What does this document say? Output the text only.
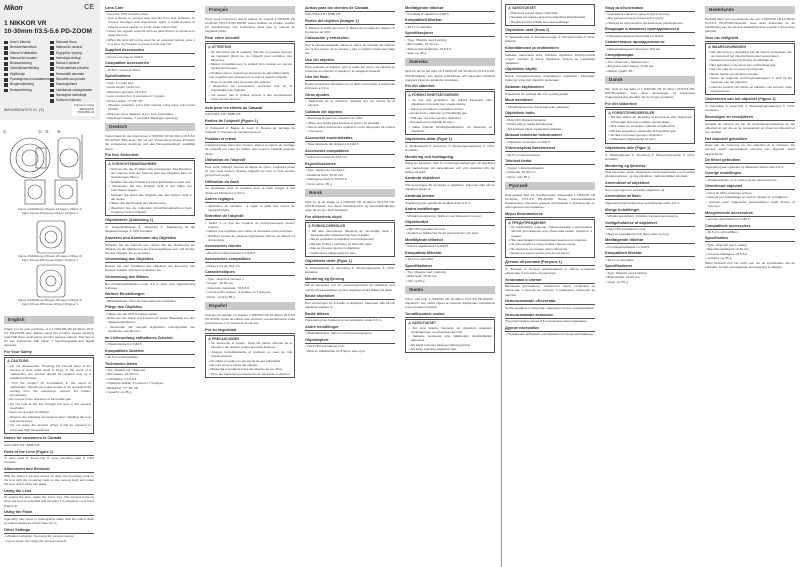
Nikon	CE
1 NIKKOR VR
10-30mm f/3.5-5.6 PD-ZOOM
User's Manual
Benutzerhandbuch
Manuel d'utilisation
Manual del usuario
Bruksanvisning
Gebruikshandleiding
Käyttöohje
Руководство пользователя
Brugervejledning
Bruksanvisning
Manuale d'uso
Manual do usuário
Εγχειρίδιο Χρήσης
Instrukcja obsługi
Návod k obsluze
Používateľská príručka
Használati útmutató
Navodila za uporabo
Kasutusjuhend
Lietošanas rokasgrāmata
Naudojimo instrukcija
Kullanım kılavuzu
6MVA38DWC00-01 (X)
Printed in China
SB4J01(12)
7MVA38D-01
①	② ③ ④
Figure 1/Abbildung 1/Figure 1/Imagen 1/Figur 1/
Figur 1/Kuva 1/Рисунок 1/Figur 1/Figuur 1
Figure 2/Abbildung 2/Figure 2/Imagen 2/Figur 2/
Figur 2/Kuva 2/Рисунок 2/Figur 2/Figuur 2
Figure 3/Abbildung 3/Figure 3/Imagen 3/Figur 3/
Figur 3/Kuva 3/Рисунок 3/Figur 3/Figuur 3
English
Thank you for your purchase of a 1 NIKKOR VR 10-30mm f/3.5-5.6 PD-ZOOM lens. Before using this product, please carefully read both these instructions and the camera manual. This lens is for use exclusively with Nikon 1 interchangeable-lens digital cameras.
For Your Safety
⚠ CAUTIONS
• Do not disassemble. Touching the internal parts of the camera or lens could result in injury. In the event of a malfunction, the product should be repaired only by a qualified technician.
• Turn the product off immediately in the event of malfunction. Should you notice smoke or an unusual smell coming from the equipment, remove the battery immediately.
• Do not use in the presence of flammable gas.
• Do not look at the sun through the lens or the camera viewfinder.
• Keep out of reach of children.
• Observe the following precautions when handling the lens and accessories.
• Do not leave the product where it will be exposed to extremely high temperatures.
Notice for customers in Canada
CAN ICES-3 B / NMB-3 B
Parts of the Lens (Figure 1)
① Lens hood ② Zoom ring ③ Lens mounting mark ④ CPU contacts
Attachment and Removal
With the Nikon 1 camera turned off, align the mounting mark on the lens with the mounting mark on the camera body and rotate the lens until it clicks into place.
Using the Lens
To extend the lens, rotate the zoom ring. The camera turns on when the lens is extended and off when it is retracted. Lens hood (Figure 2).
Using the Flash
Vignetting may occur in photographs taken with the built-in flash at subject distances of less than 0.6 m.
Other Settings
• Vibration reduction: Set using the camera menus.
• Focus mode: Set using the camera controls.
Lens Care
• Keep the CPU contacts clean.
• Use a blower to remove dust and lint from lens surfaces. To remove smudges and fingerprints, apply a small amount of ethanol or lens cleaner to a soft, clean cotton cloth.
• Never use organic solvents such as paint thinner or benzene to clean the lens.
• When the lens will not be used for an extended period, store it in a cool, dry location to prevent mold and rust.
Supplied Accessories
• Front Lens Cap LC-N40.5
Compatible Accessories
• 40.5mm screw-on filters
Specifications
• Type: 1 mount lens
• Focal length: 10-30 mm
• Maximum aperture: f/3.5-5.6
• Lens construction: 9 elements in 7 groups
• Picture angle: 77°-29° 40′
• Vibration reduction: Lens shift method using voice coil motors (VCMs)
• Minimum focus distance: 0.2 m from focal plane
• Diaphragm blades: 7 (rounded diaphragm opening)
Deutsch
Vielen Dank für den Kauf eines 1 NIKKOR VR 10-30mm f/3.5-5.6 PD-ZOOM. Bitte lesen Sie vor der Verwendung dieses Produkts die vorliegende Anleitung und das Kamerahandbuch sorgfältig durch.
Für Ihre Sicherheit
⚠ VORSICHTSMASSNAHMEN
• Nehmen Sie das Produkt nicht auseinander. Das Berühren der internen Teile der Kamera oder des Objektivs kann zu Verletzungen führen.
• Schalten Sie das Produkt bei einer Fehlfunktion sofort aus.
• Verwenden Sie das Produkt nicht in der Nähe von brennbaren Gasen.
• Schauen Sie durch das Objektiv oder den Sucher nicht in die Sonne.
• Halten Sie das Produkt von Kindern fern.
• Beachten Sie die folgenden Vorsichtsmaßnahmen beim Umgang mit dem Objektiv.
Objektivteile (Abbildung 1)
① Gegenlichtblende ② Zoomring ③ Markierung für die Objektivmontage ④ CPU-Kontakte
Ansetzen und Abnehmen des Objektivs
Schalten Sie die Kamera aus, richten Sie die Markierung am Objektiv an der Markierung am Kameragehäuse aus und drehen Sie das Objektiv, bis es einrastet.
Verwendung des Objektivs
Drehen Sie zum Ausfahren des Objektivs den Zoomring. Die Kamera schaltet sich beim Ausfahren ein.
Verwendung des Blitzes
Bei Aufnahmeabständen unter 0,6 m kann eine Vignettierung auftreten.
Weitere Einstellungen
• Bildstabilisator: Über die Kameramenüs einstellen.
Pflege des Objektivs
• Halten Sie die CPU-Kontakte sauber.
• Entfernen Sie Staub und Fusseln mit einem Blasebalg von den Objektivoberflächen.
• Verwenden Sie niemals organische Lösungsmittel wie Verdünner oder Benzol.
Im Lieferumfang enthaltenes Zubehör
• Objektivdeckel LC-N40.5
Kompatibles Zubehör
• 40,5-mm-Schraubfilter
Technische Daten
• Typ: Objektiv mit 1-Bajonett
• Brennweite: 10-30 mm
• Lichtstärke: 1:3,5-5,6
• Optischer Aufbau: 9 Linsen in 7 Gruppen
• Bildwinkel: 77°-29° 40′
• Gewicht: ca. 85 g
Français
Nous vous remercions d'avoir acheté un objectif 1 NIKKOR VR 10-30mm f/3.5-5.6 PD-ZOOM. Avant d'utiliser ce produit, veuillez lire attentivement ces instructions ainsi que le manuel de l'appareil photo.
Pour votre sécurité
⚠ ATTENTION
• Ne démontez pas le matériel. Toucher les parties internes de l'appareil photo ou de l'objectif peut entraîner des blessures.
• Mettez immédiatement le produit hors tension en cas de dysfonctionnement.
• N'utilisez pas le matériel en présence de gaz inflammable.
• Ne regardez pas directement le soleil à travers l'objectif.
• Tenez le produit hors de portée des enfants.
• Respectez les précautions suivantes lors de la manipulation de l'objectif.
• Ne laissez pas le produit exposé à des températures extrêmement élevées.
Avis pour les clients au Canada
CAN ICES-3 B / NMB-3 B
Parties de l'objectif (Figure 1)
① Parasoleil ② Bague de zoom ③ Repère de montage de l'objectif ④ Contacts du microprocesseur
Fixation et retrait
L'appareil photo étant hors tension, alignez le repère de montage de l'objectif sur celui du boîtier, puis tournez l'objectif jusqu'au déclic.
Utilisation de l'objectif
Pour sortir l'objectif, tournez la bague de zoom. L'appareil photo se met sous tension lorsque l'objectif est sorti et hors tension lorsqu'il est rentré.
Utilisation du flash
Un vignettage peut se produire avec le flash intégré à des distances inférieures à 0,6 m.
Autres réglages
• Réduction de vibration : à régler à l'aide des menus de l'appareil photo.
Entretien de l'objectif
• Veillez à ce que les contacts du microprocesseur restent propres.
• Utilisez une soufflette pour retirer la poussière et les peluches.
• N'utilisez jamais de solvants organiques comme du diluant ou du benzène.
Accessoires fournis
• Bouchon d'objectif avant LC-N40.5
Accessoires compatibles
• Filtres à vis de 40,5 mm
Caractéristiques
• Type : objectif à monture 1
• Focale : 10-30 mm
• Ouverture maximale : f/3,5-5,6
• Construction optique : 9 lentilles en 7 groupes
• Poids : environ 85 g
Español
Gracias por adquirir un objetivo 1 NIKKOR VR 10-30mm f/3.5-5.6 PD-ZOOM. Antes de utilizar este producto, lea atentamente estas instrucciones y el manual de la cámara.
Por su seguridad
⚠ PRECAUCIONES
• No desmonte el equipo. Tocar las partes internas de la cámara o del objetivo podría provocar lesiones.
• Apague inmediatamente el producto en caso de mal funcionamiento.
• No utilice el equipo en presencia de gas inflamable.
• No mire al sol a través del objetivo.
• Mantenga el producto fuera del alcance de los niños.
• Tome las siguientes precauciones al manipular el objetivo.
Avisos para los clientes de Canadá
CAN ICES-3 B / NMB-3 B
Partes del objetivo (Imagen 1)
① Parasol ② Anillo del zoom ③ Marca de montaje del objetivo ④ Contactos de CPU
Colocación y extracción
Con la cámara apagada, alinee la marca de montaje del objetivo con la del cuerpo de la cámara y gire el objetivo hasta que haga clic.
Uso del objetivo
Para extender el objetivo, gire el anillo del zoom. La cámara se enciende al extender el objetivo y se apaga al retraerlo.
Uso del flash
Puede producirse viñeteado con el flash incorporado a distancias inferiores a 0,6 m.
Otros ajustes
• Reducción de la vibración: ajústela con los menús de la cámara.
Cuidado del objetivo
• Mantenga limpios los contactos de CPU.
• Utilice una perilla para eliminar el polvo y la pelusilla.
• Nunca utilice disolventes orgánicos como diluyentes de pintura o benceno.
Accesorios suministrados
• Tapa delantera del objetivo LC-N40.5
Accesorios compatibles
• Filtros con rosca de 40,5 mm
Especificaciones
• Tipo: objetivo de montura 1
• Distancia focal: 10-30 mm
• Diafragma máximo: f/3.5-5.6
• Peso: aprox. 85 g
Norsk
Takk for at du kjøpte et 1 NIKKOR VR 10-30mm f/3.5-5.6 PD-ZOOM-objektiv. Les disse instruksjonene og kamerahåndboken nøye før du tar i bruk produktet.
For sikkerhets skyld
⚠ FORHOLDSREGLER
• Må ikke demonteres. Berøring av innvendige deler i kameraet eller objektivet kan føre til skade.
• Slå av produktet umiddelbart ved funksjonsfeil.
• Må ikke brukes i nærheten av brennbar gass.
• Ikke se på solen gjennom objektivet.
• Oppbevares utilgjengelig for barn.
Objektivets deler (Figur 1)
① Motlysblender ② Zoomring ③ Monteringsmerke ④ CPU-kontakter
Montering og fjerning
Slå av kameraet, rett inn monteringsmerket på objektivet med merket på kamerahuset og drei objektivet til det klikker på plass.
Bruke objektivet
Drei zoomringen for å trekke ut objektivet. Kameraet slås på når objektivet trekkes ut.
Bruke blitsen
Vignettering kan forekomme ved avstander under 0,6 m.
Andre innstillinger
• Bildestabilisator: Still inn med kameramenyene.
Objektivpleie
• Hold CPU-kontaktene rene.
• Bruk en blåsebørste for å fjerne støv og lo.
Medfølgende tilbehør
• Frontlokk til objektiv LC-N40.5
Kompatibelt tilbehør
• 40,5 mm skrufiltre
Spesifikasjoner
• Type: Objektiv med 1-fatning
• Brennvidde: 10-30 mm
• Største blenderåpning: f/3,5-5,6
• Vekt: ca. 85 g
Svenska
Tack för att du har köpt ett 1 NIKKOR VR 10-30mm f/3.5-5.6 PD-ZOOM-objektiv. Läs dessa instruktioner och kamerans handbok noggrant innan du använder produkten.
För din säkerhet
⚠ FÖRSIKTIGHETSÅTGÄRDER
• Ta inte isär produkten. Att vidröra kamerans eller objektivets inre delar kan orsaka skador.
• Stäng av produkten omedelbart vid fel.
• Använd inte i närheten av brandfarlig gas.
• Titta inte mot solen genom objektivet.
• Förvaras utom räckhåll för barn.
• Iaktta följande försiktighetsåtgärder vid hantering av objektivet.
Objektivets delar (Figur 1)
① Motljusskydd ② Zoomring ③ Monteringsmarkering ④ CPU-kontakter
Montering och borttagning
Stäng av kameran, rikta in monteringsmarkeringen på objektivet mot markeringen på kamerahuset och vrid objektivet tills det klickar på plats.
Använda objektivet
Vrid zoomringen för att skjuta ut objektivet. Kameran slås på när objektivet skjuts ut.
Använda blixten
Vinjettering kan uppstå vid avstånd under 0,6 m.
Andra inställningar
• Vibrationsreducering: Ställs in med kamerans menyer.
Objektivvård
• Håll CPU-kontakterna rena.
• Använd en blåsborste för att ta bort damm och ludd.
Medföljande tillbehör
• Främre objektivlock LC-N40.5
Kompatibla tillbehör
• 40,5 mm skruvfilter
Specifikationer
• Typ: Objektiv med 1-fattning
• Brännvidd: 10-30 mm
• Vikt: ca 85 g
Suomi
Kiitos, että ostit 1 NIKKOR VR 10-30mm f/3.5-5.6 PD-ZOOM -objektiivin. Lue nämä ohjeet ja kameran käyttöopas huolellisesti ennen tuotteen käyttöä.
Turvallisuutesi vuoksi
⚠ VAROITUKSET
• Älä pura laitetta. Kameran tai objektiivin sisäosien koskettaminen voi aiheuttaa vamman.
• Katkaise tuotteesta virta välittömästi toimintahäiriön sattuessa.
• Älä käytä syttyvien kaasujen läheisyydessä.
• Älä katso aurinkoa objektiivin läpi.
⚠ VAROITUKSET
• Pidä tuote poissa lasten ulottuvilta.
• Noudata seuraavia varotoimia objektiivia käsitellessäsi.
• Älä jätä tuotetta erittäin kuumaan paikkaan.
Objektiivin osat (Kuva 1)
① Vastavalosuoja ② Zoomausrengas ③ Kiinnitysmerkki ④ CPU-liitännät
Kiinnittäminen ja irrottaminen
Katkaise kamerasta virta, kohdista objektiivin kiinnitysmerkki rungon merkkiin ja kierrä objektiivia, kunnes se napsahtaa paikalleen.
Objektiivin käyttö
Kierrä zoomausrengasta ulostaaksesi objektiivin. Kameraan kytkeytyy virta, kun objektiivi ulostetaan.
Salaman käyttäminen
Vinjetointia voi esiintyä alle 0,6 m etäisyyksillä.
Muut asetukset
• Tärinänvaimennus: Aseta kameran valikoista.
Objektiivin hoito
• Pidä CPU-liitännät puhtaina.
• Poista pöly ja nukka puhaltimella.
• Älä koskaan käytä orgaanisia liuottimia.
Mukana toimitetut lisävarusteet
• Objektiivin etusuojus LC-N40.5
Yhteensopivat lisävarusteet
• 40,5 mm kierresuotimet
Tekniset tiedot
• Tyyppi: 1-kiinnitysobjektiivi
• Polttoväli: 10-30 mm
• Paino: noin 85 g
Русский
Благодарим Вас за приобретение объектива 1 NIKKOR VR 10-30mm f/3.5-5.6 PD-ZOOM. Перед использованием внимательно прочтите данную инструкцию и руководство по эксплуатации фотокамеры.
Меры безопасности
⚠ ПРЕДУПРЕЖДЕНИЯ
• Не разбирайте изделие. Прикосновение к внутренним частям фотокамеры или объектива может привести к травме.
• При неисправности немедленно выключите изделие.
• Не используйте в присутствии горючих газов.
• Не смотрите на солнце через объектив.
• Храните в недоступном для детей месте.
Детали объектива (Рисунок 1)
① Бленда ② Кольцо зуммирования ③ Метка установки объектива ④ Контакты процессора
Установка и снятие
Выключив фотокамеру, совместите метку установки на объективе с меткой на корпусе и поверните объектив до щелчка.
Использование объектива
Чтобы выдвинуть объектив, поверните кольцо зуммирования.
Использование вспышки
При расстояниях менее 0,6 м возможно виньетирование.
Другие настройки
• Подавление вибраций: настраивается в меню фотокамеры.
Уход за объективом
• Содержите контакты процессора в чистоте.
• Для удаления пыли используйте грушу.
• Никогда не используйте органические растворители.
Входящие в комплект принадлежности
• Передняя крышка объектива LC-N40.5
Совместимые принадлежности
• Навинчивающиеся фильтры 40,5 мм
Спецификации
• Тип: объектив с байонетом 1
• Фокусное расстояние: 10-30 мм
• Масса: прибл. 85 г
Dansk
Tak, fordi du har købt et 1 NIKKOR VR 10-30mm f/3.5-5.6 PD-ZOOM-objektiv. Læs disse anvisninger og kameraets brugervejledning grundigt, før du bruger produktet.
For din sikkerhed
⚠ FORSIGTIGHEDSREGLER
• Må ikke skilles ad. Berøring af kameraets eller objektivets indvendige dele kan medføre personskade.
• Sluk straks for produktet i tilfælde af fejlfunktion.
• Må ikke anvendes i nærheden af brændbar gas.
• Se ikke mod solen gennem objektivet.
• Opbevares utilgængeligt for børn.
Objektivets dele (Figur 1)
① Modlysblænde ② Zoomring ③ Monteringsmærke ④ CPU-kontakter
Montering og fjernelse
Sluk kameraet, juster objektivets monteringsmærke med mærket på kamerahuset, og drej objektivet, indtil det klikker på plads.
Anvendelse af objektivet
Drej zoomringen for at trække objektivet ud.
Anvendelse af flash
Vignettering kan forekomme ved afstande under 0,6 m.
Øvrige indstillinger
• Vibrationsreduktion: Indstilles via kameramenuerne.
Vedligeholdelse af objektivet
• Hold CPU-kontakterne rene.
• Brug en pustebørste til at fjerne støv og fnug.
Medfølgende tilbehør
• Frontobjektivdæksel LC-N40.5
Kompatibelt tilbehør
• 40,5 mm skruefiltre
Specifikationer
• Type: Objektiv med 1-fatning
• Brændvidde: 10-30 mm
• Vægt: ca. 85 g
Nederlands
Hartelijk dank voor uw aankoop van een 1 NIKKOR VR 10-30mm f/3.5-5.6 PD-ZOOM-objectief. Lees deze instructies en de handleiding van de camera aandachtig door voordat u dit product gebruikt.
Voor uw veiligheid
⚠ WAARSCHUWINGEN
• Niet demonteren. Aanraking van de interne onderdelen van de camera of het objectief kan letsel veroorzaken.
• Schakel het product bij storing onmiddellijk uit.
• Niet gebruiken in de buurt van ontvlambaar gas.
• Kijk niet naar de zon door het objectief.
• Buiten bereik van kinderen houden.
• Neem de volgende voorzorgsmaatregelen in acht bij het hanteren van het objectief.
• Laat het product niet achter op plaatsen met extreem hoge temperaturen.
Onderdelen van het objectief (Figuur 1)
① Zonnekap ② Zoomring ③ Bevestigingsmarkering ④ CPU-contacten
Bevestigen en verwijderen
Schakel de camera uit, lijn de bevestigingsmarkering op het objectief uit met die op de camerabody en draai het objectief tot het vastklikt.
Het objectief gebruiken
Draai aan de zoomring om het objectief uit te schuiven. De camera wordt ingeschakeld wanneer het objectief wordt uitgeschoven.
De flitser gebruiken
Vignettering kan optreden bij afstanden kleiner dan 0,6 m.
Overige instellingen
• Vibratiereductie: In te stellen via de cameramenu's.
Onderhoud objectief
• Houd de CPU-contacten schoon.
• Gebruik een blaasbalgje om stof en pluisjes te verwijderen.
• Gebruik nooit organische oplosmiddelen zoals thinner of benzeen.
Meegeleverde accessoires
• Voorste objectiefdop LC-N40.5
Compatibele accessoires
• 40,5 mm schroeffilters
Specificaties
• Type: Objectief met 1-vatting
• Brandpuntsafstand: 10-30 mm
• Grootste diafragma: f/3,5-5,6
• Gewicht: ca. 85 g
Nikon behoudt zich het recht voor om de specificaties van de hardware zonder voorafgaande kennisgeving te wijzigen.
